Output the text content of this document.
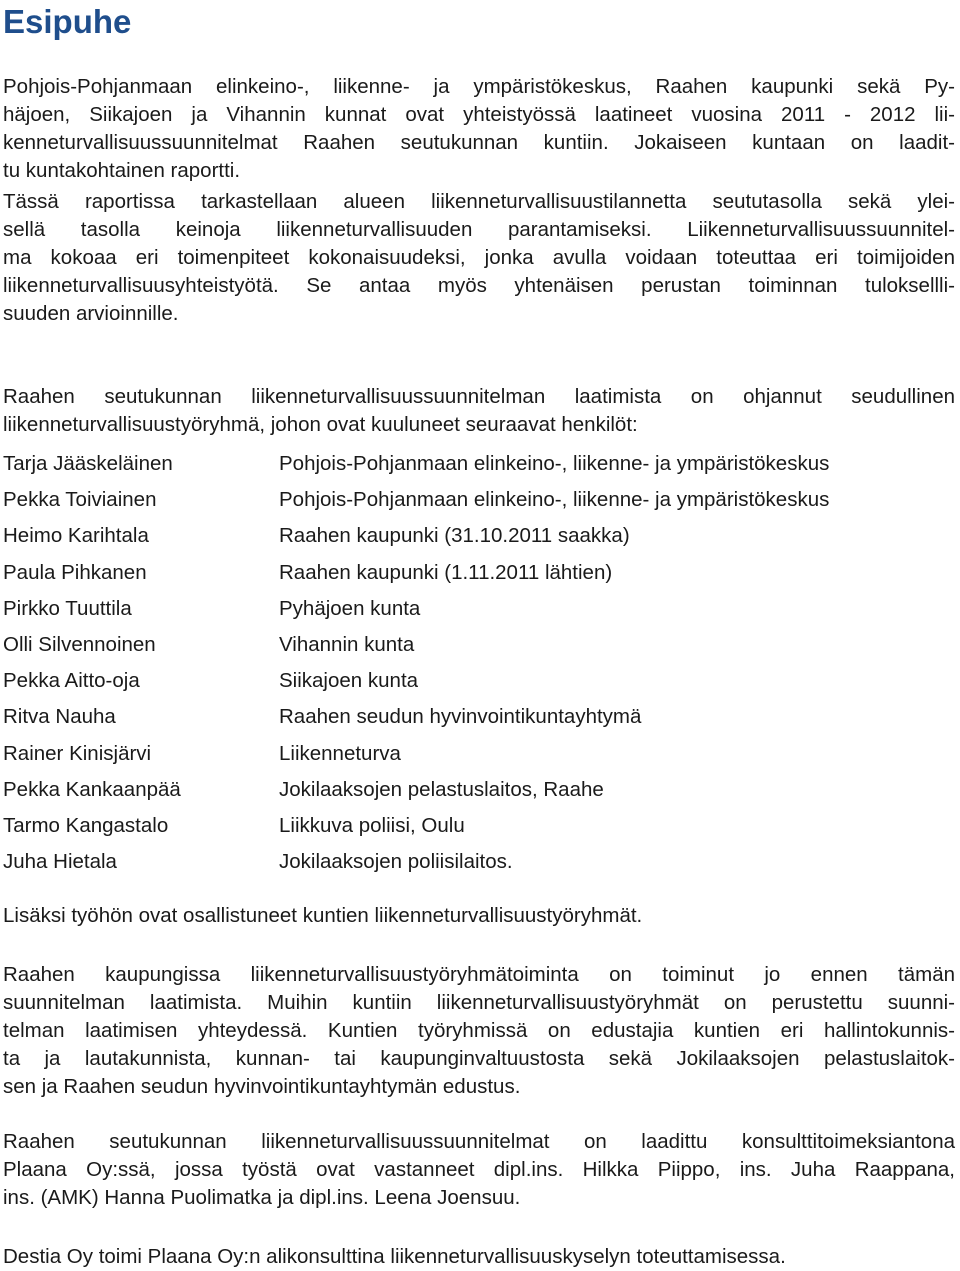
Esipuhe

Pohjois-Pohjanmaan elinkeino-, liikenne- ja ympäristökeskus, Raahen kaupunki sekä Py-
häjoen, Siikajoen ja Vihannin kunnat ovat yhteistyössä laatineet vuosina 2011 - 2012 lii-
kenneturvallisuussuunnitelmat Raahen seutukunnan kuntiin. Jokaiseen kuntaan on laadit-
tu kuntakohtainen raportti.

Tässä raportissa tarkastellaan alueen liikenneturvallisuustilannetta seututasolla sekä ylei-
sellä tasolla keinoja liikenneturvallisuuden parantamiseksi. Liikenneturvallisuussuunnitel-
ma kokoaa eri toimenpiteet kokonaisuudeksi, jonka avulla voidaan toteuttaa eri toimijoiden
liikenneturvallisuusyhteistyötä. Se antaa myös yhtenäisen perustan toiminnan tuloksellli-
suuden arvioinnille.

Raahen seutukunnan liikenneturvallisuussuunnitelman laatimista on ohjannut seudullinen
liikenneturvallisuustyöryhmä, johon ovat kuuluneet seuraavat henkilöt:

Tarja Jääskeläinen	Pohjois-Pohjanmaan elinkeino-, liikenne- ja ympäristökeskus
Pekka Toiviainen	Pohjois-Pohjanmaan elinkeino-, liikenne- ja ympäristökeskus
Heimo Karihtala	Raahen kaupunki (31.10.2011 saakka)
Paula Pihkanen	Raahen kaupunki (1.11.2011 lähtien)
Pirkko Tuuttila	Pyhäjoen kunta
Olli Silvennoinen	Vihannin kunta
Pekka Aitto-oja	Siikajoen kunta
Ritva Nauha	Raahen seudun hyvinvointikuntayhtymä
Rainer Kinisjärvi	Liikenneturva
Pekka Kankaanpää	Jokilaaksojen pelastuslaitos, Raahe
Tarmo Kangastalo	Liikkuva poliisi, Oulu
Juha Hietala	Jokilaaksojen poliisilaitos.

Lisäksi työhön ovat osallistuneet kuntien liikenneturvallisuustyöryhmät.

Raahen kaupungissa liikenneturvallisuustyöryhmätoiminta on toiminut jo ennen tämän
suunnitelman laatimista. Muihin kuntiin liikenneturvallisuustyöryhmät on perustettu suunni-
telman laatimisen yhteydessä. Kuntien työryhmissä on edustajia kuntien eri hallintokunnis-
ta ja lautakunnista, kunnan- tai kaupunginvaltuustosta sekä Jokilaaksojen pelastuslaitok-
sen ja Raahen seudun hyvinvointikuntayhtymän edustus.

Raahen seutukunnan liikenneturvallisuussuunnitelmat on laadittu konsulttitoimeksiantona
Plaana Oy:ssä, jossa työstä ovat vastanneet dipl.ins. Hilkka Piippo, ins. Juha Raappana,
ins. (AMK) Hanna Puolimatka ja dipl.ins. Leena Joensuu.

Destia Oy toimi Plaana Oy:n alikonsulttina liikenneturvallisuuskyselyn toteuttamisessa.
